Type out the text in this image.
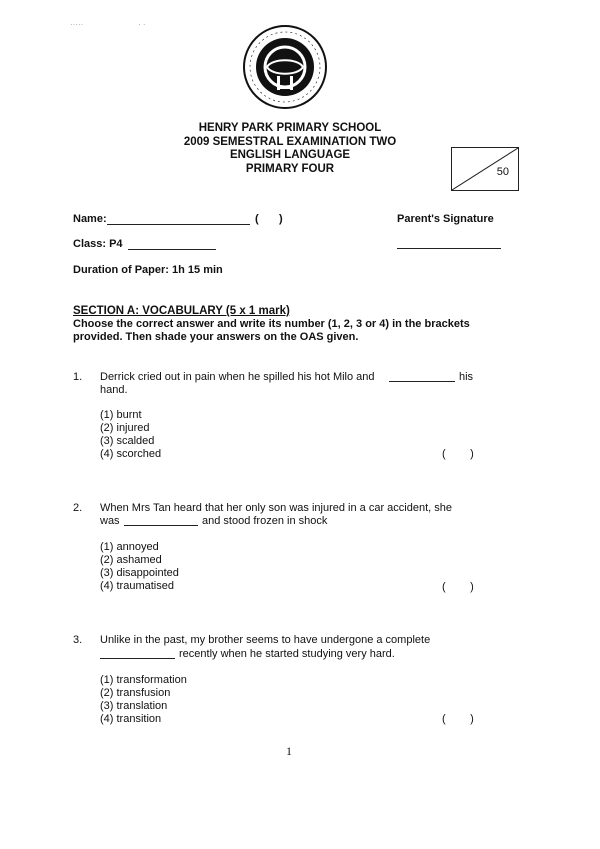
·····	· ·
HENRY PARK PRIMARY SCHOOL
2009 SEMESTRAL EXAMINATION TWO
ENGLISH LANGUAGE
PRIMARY FOUR	50
Name:	( )	Parent's Signature
Class: P4
Duration of Paper: 1h 15 min
SECTION A: VOCABULARY (5 x 1 mark)
Choose the correct answer and write its number (1, 2, 3 or 4) in the brackets
provided. Then shade your answers on the OAS given.
1. Derrick cried out in pain when he spilled his hot Milo and	his
hand.
(1) burnt
(2) injured
(3) scalded
(4) scorched	(        )
2. When Mrs Tan heard that her only son was injured in a car accident, she
was	and stood frozen in shock
(1) annoyed
(2) ashamed
(3) disappointed
(4) traumatised	(        )
3. Unlike in the past, my brother seems to have undergone a complete
recently when he started studying very hard.
(1) transformation
(2) transfusion
(3) translation
(4) transition	(        )
1
